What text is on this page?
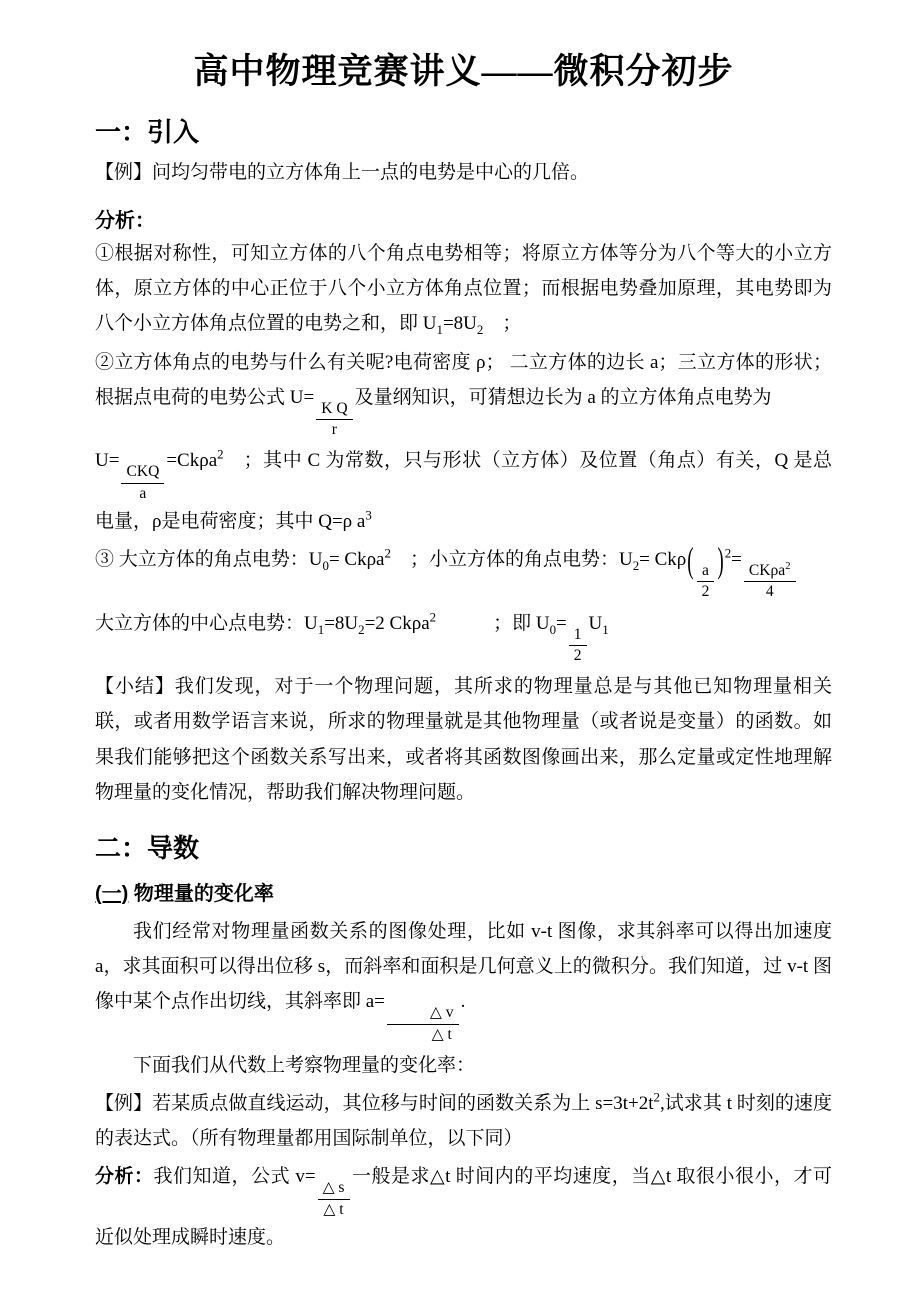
高中物理竞赛讲义——微积分初步
一：引入

【例】问均匀带电的立方体角上一点的电势是中心的几倍。

分析：

①根据对称性，可知立方体的八个角点电势相等；将原立方体等分为八个等大的小立方体，原立方体的中心正位于八个小立方体角点位置；而根据电势叠加原理，其电势即为八个小立方体角点位置的电势之和，即 $U_1=8U_2$　；

②立方体角点的电势与什么有关呢?电荷密度 ρ； 二立方体的边长 a；三立方体的形状；根据点电荷的电势公式 U=
$\frac{\text{K Q}}{r}$
及量纲知识，可猜想边长为 a 的立方体角点电势为

U=
$\frac{\text{CKQ}}{a}$
=Ckρa$^2$　；其中 C 为常数，只与形状（立方体）及位置（角点）有关，Q 是总电量，ρ是电荷密度；其中 Q=ρ $a^3$

③ 大立方体的角点电势：$U_0= Ck\rho a^2$　；小立方体的角点电势：$U_2= Ck\rho$(
$\frac{a}{2}$
)$^2$=
$\frac{CK\rho a^2}{4}$

大立方体的中心点电势：$U_1=8U_2=2$ Ckρa$^2$　　　；即 $U_0=$
$\frac{1}{2}$
$U_1$

【小结】我们发现，对于一个物理问题，其所求的物理量总是与其他已知物理量相关联，或者用数学语言来说，所求的物理量就是其他物理量（或者说是变量）的函数。如果我们能够把这个函数关系写出来，或者将其函数图像画出来，那么定量或定性地理解物理量的变化情况，帮助我们解决物理问题。

二：导数
(一) 物理量的变化率

我们经常对物理量函数关系的图像处理，比如 v-t 图像，求其斜率可以得出加速度 a，求其面积可以得出位移 s，而斜率和面积是几何意义上的微积分。我们知道，过 v-t 图像中某个点作出切线，其斜率即 a=
$\frac{\triangle v}{\triangle t}$
.

下面我们从代数上考察物理量的变化率：

【例】若某质点做直线运动，其位移与时间的函数关系为上 $s=3t+2t^2$,试求其 t 时刻的速度的表达式。（所有物理量都用国际制单位，以下同）

分析：我们知道，公式 v=
$\frac{\triangle s}{\triangle t}$
一般是求△t 时间内的平均速度，当△t 取很小很小，才可近似处理成瞬时速度。
